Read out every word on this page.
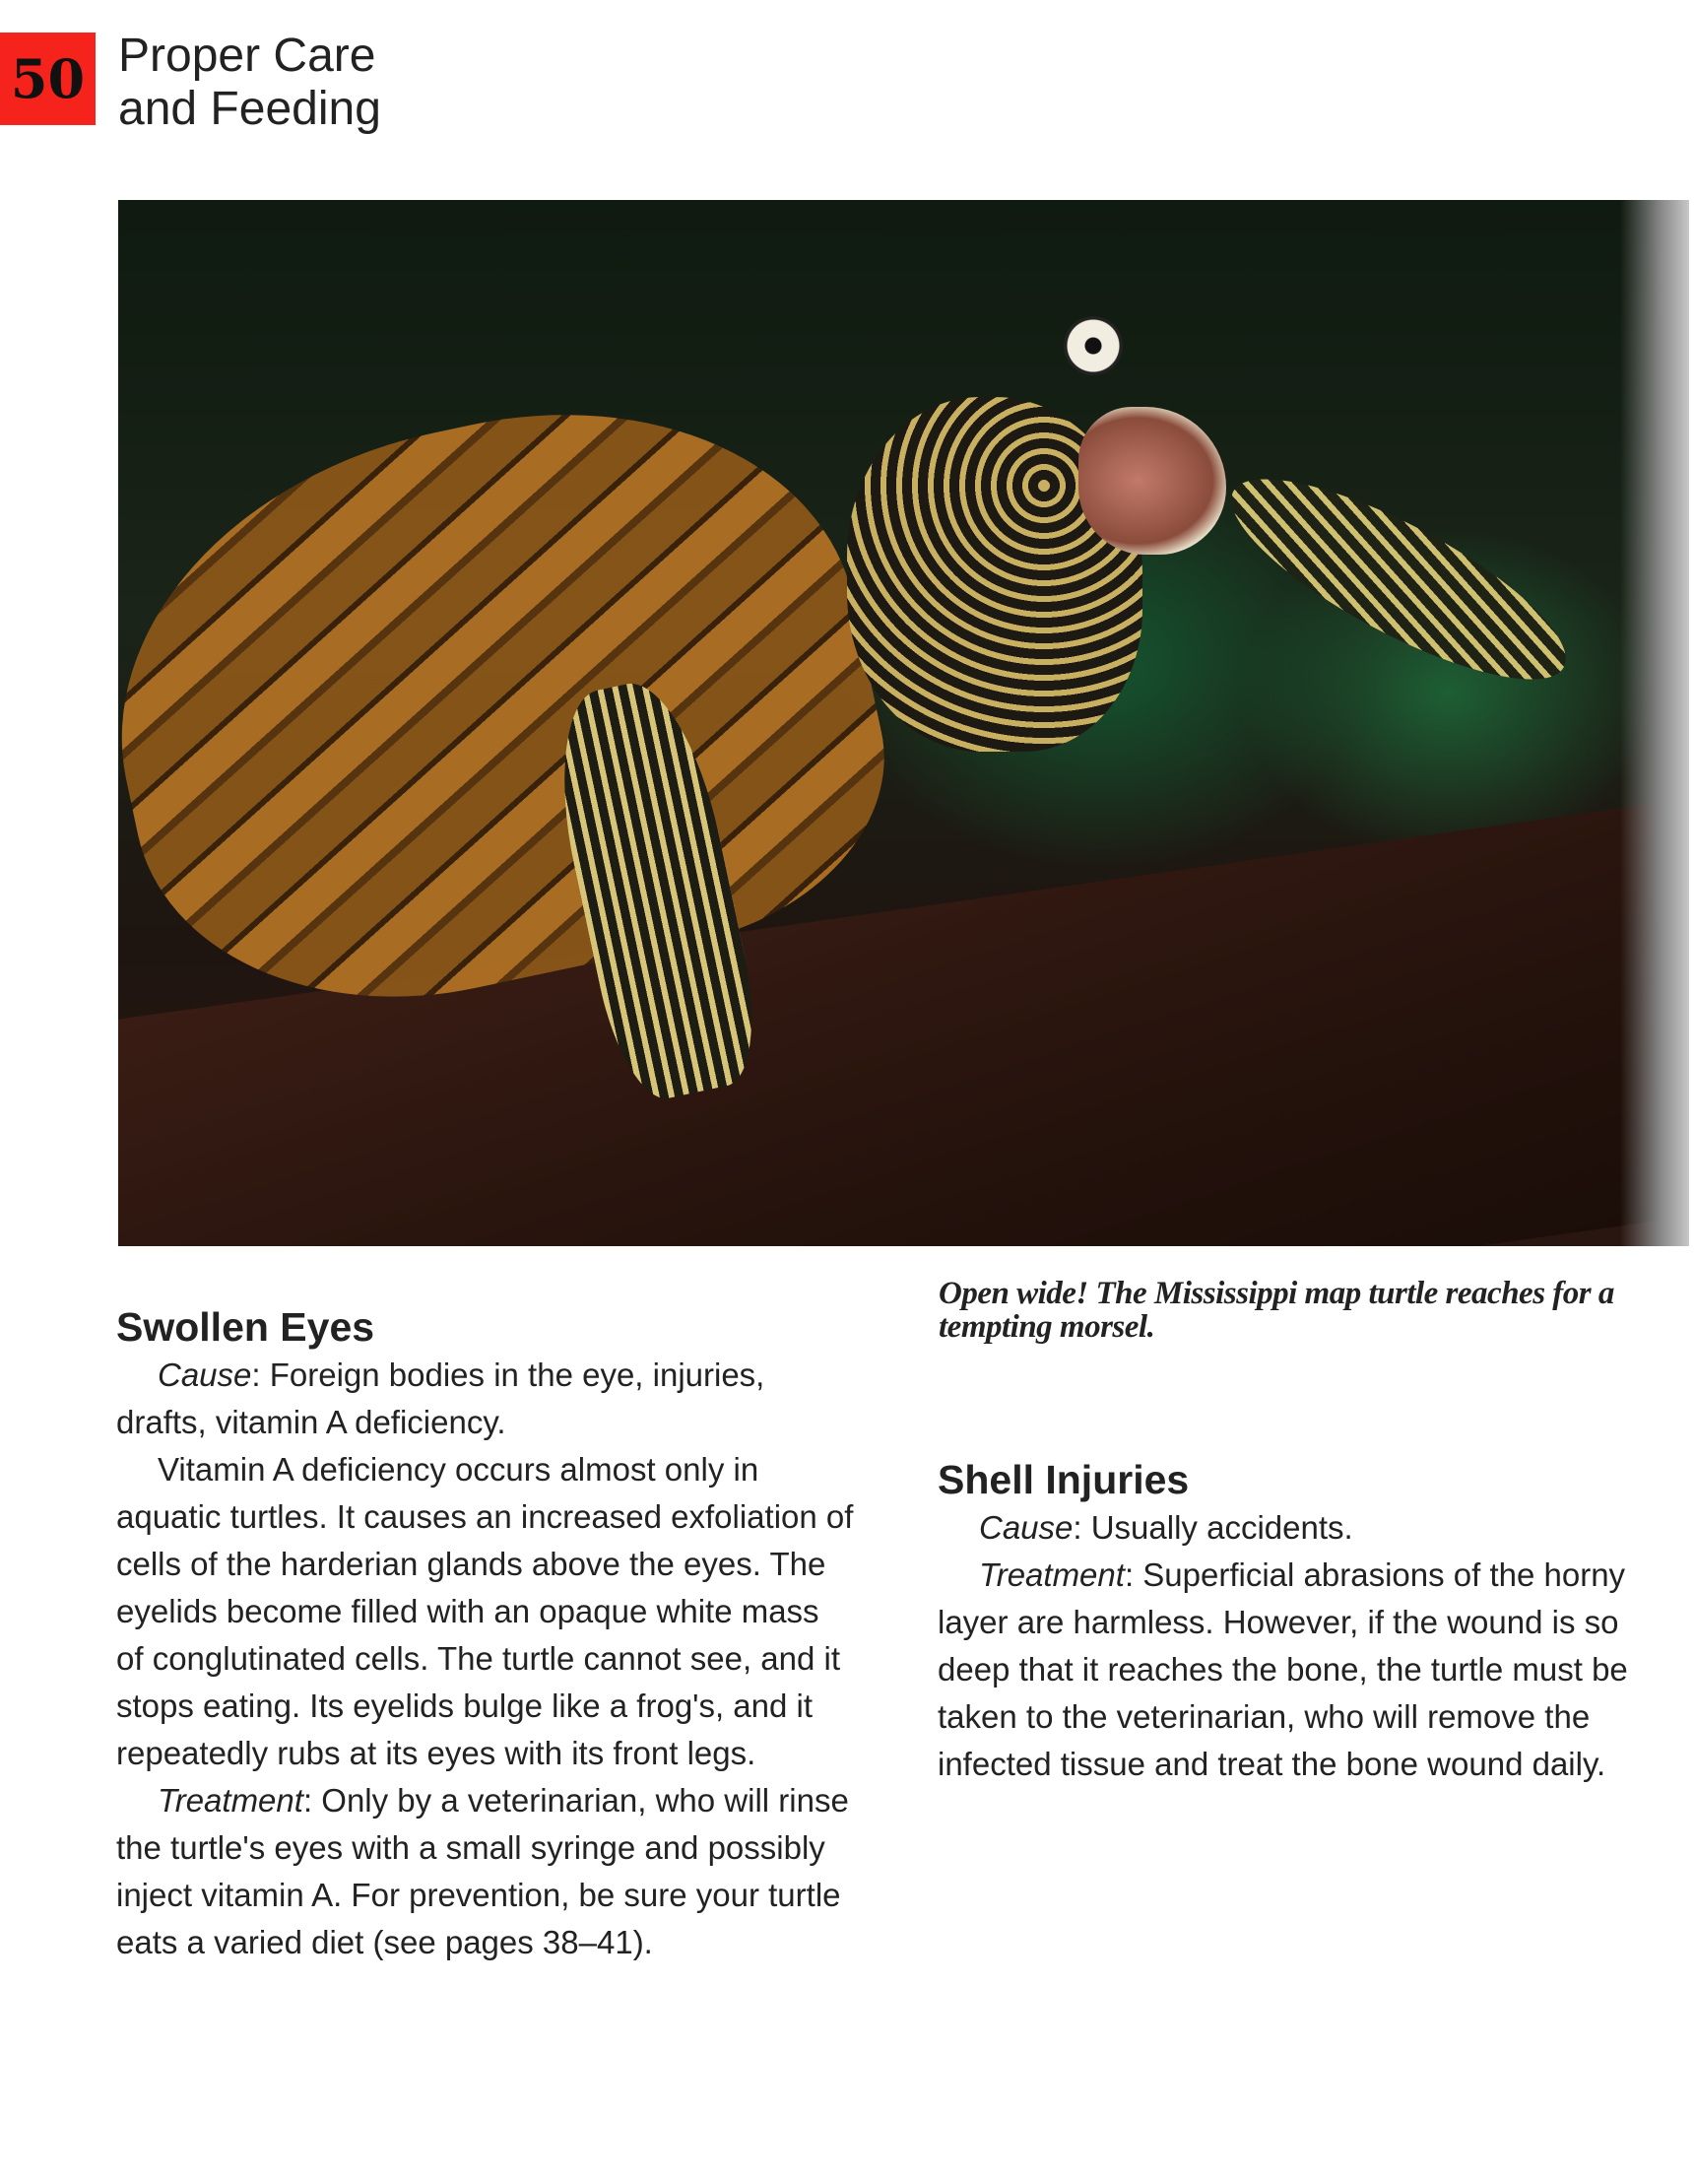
50 Proper Care
and Feeding
Open wide! The Mississippi map turtle reaches for a tempting morsel.
Swollen Eyes

Cause: Foreign bodies in the eye, injuries, drafts, vitamin A deficiency.

Vitamin A deficiency occurs almost only in aquatic turtles. It causes an increased exfoliation of cells of the harderian glands above the eyes. The eyelids become filled with an opaque white mass of conglutinated cells. The turtle cannot see, and it stops eating. Its eyelids bulge like a frog's, and it repeatedly rubs at its eyes with its front legs.

Treatment: Only by a veterinarian, who will rinse the turtle's eyes with a small syringe and possibly inject vitamin A. For prevention, be sure your turtle eats a varied diet (see pages 38–41).

Shell Injuries

Cause: Usually accidents.

Treatment: Superficial abrasions of the horny layer are harmless. However, if the wound is so deep that it reaches the bone, the turtle must be taken to the veterinarian, who will remove the infected tissue and treat the bone wound daily.
